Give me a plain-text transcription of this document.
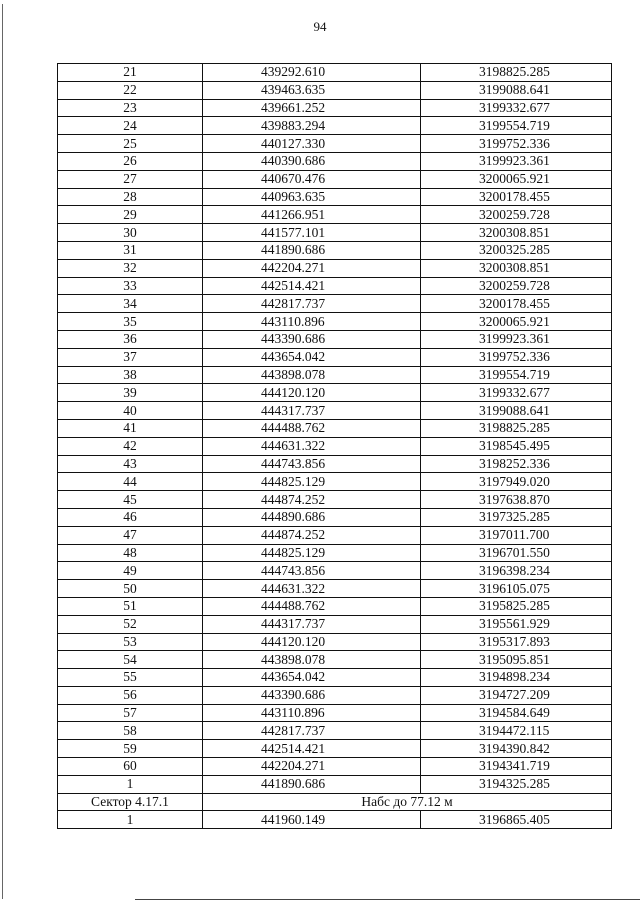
94
21	439292.610	3198825.285
22	439463.635	3199088.641
23	439661.252	3199332.677
24	439883.294	3199554.719
25	440127.330	3199752.336
26	440390.686	3199923.361
27	440670.476	3200065.921
28	440963.635	3200178.455
29	441266.951	3200259.728
30	441577.101	3200308.851
31	441890.686	3200325.285
32	442204.271	3200308.851
33	442514.421	3200259.728
34	442817.737	3200178.455
35	443110.896	3200065.921
36	443390.686	3199923.361
37	443654.042	3199752.336
38	443898.078	3199554.719
39	444120.120	3199332.677
40	444317.737	3199088.641
41	444488.762	3198825.285
42	444631.322	3198545.495
43	444743.856	3198252.336
44	444825.129	3197949.020
45	444874.252	3197638.870
46	444890.686	3197325.285
47	444874.252	3197011.700
48	444825.129	3196701.550
49	444743.856	3196398.234
50	444631.322	3196105.075
51	444488.762	3195825.285
52	444317.737	3195561.929
53	444120.120	3195317.893
54	443898.078	3195095.851
55	443654.042	3194898.234
56	443390.686	3194727.209
57	443110.896	3194584.649
58	442817.737	3194472.115
59	442514.421	3194390.842
60	442204.271	3194341.719
1	441890.686	3194325.285
Сектор 4.17.1	Набс до 77.12 м	
1	441960.149	3196865.405
